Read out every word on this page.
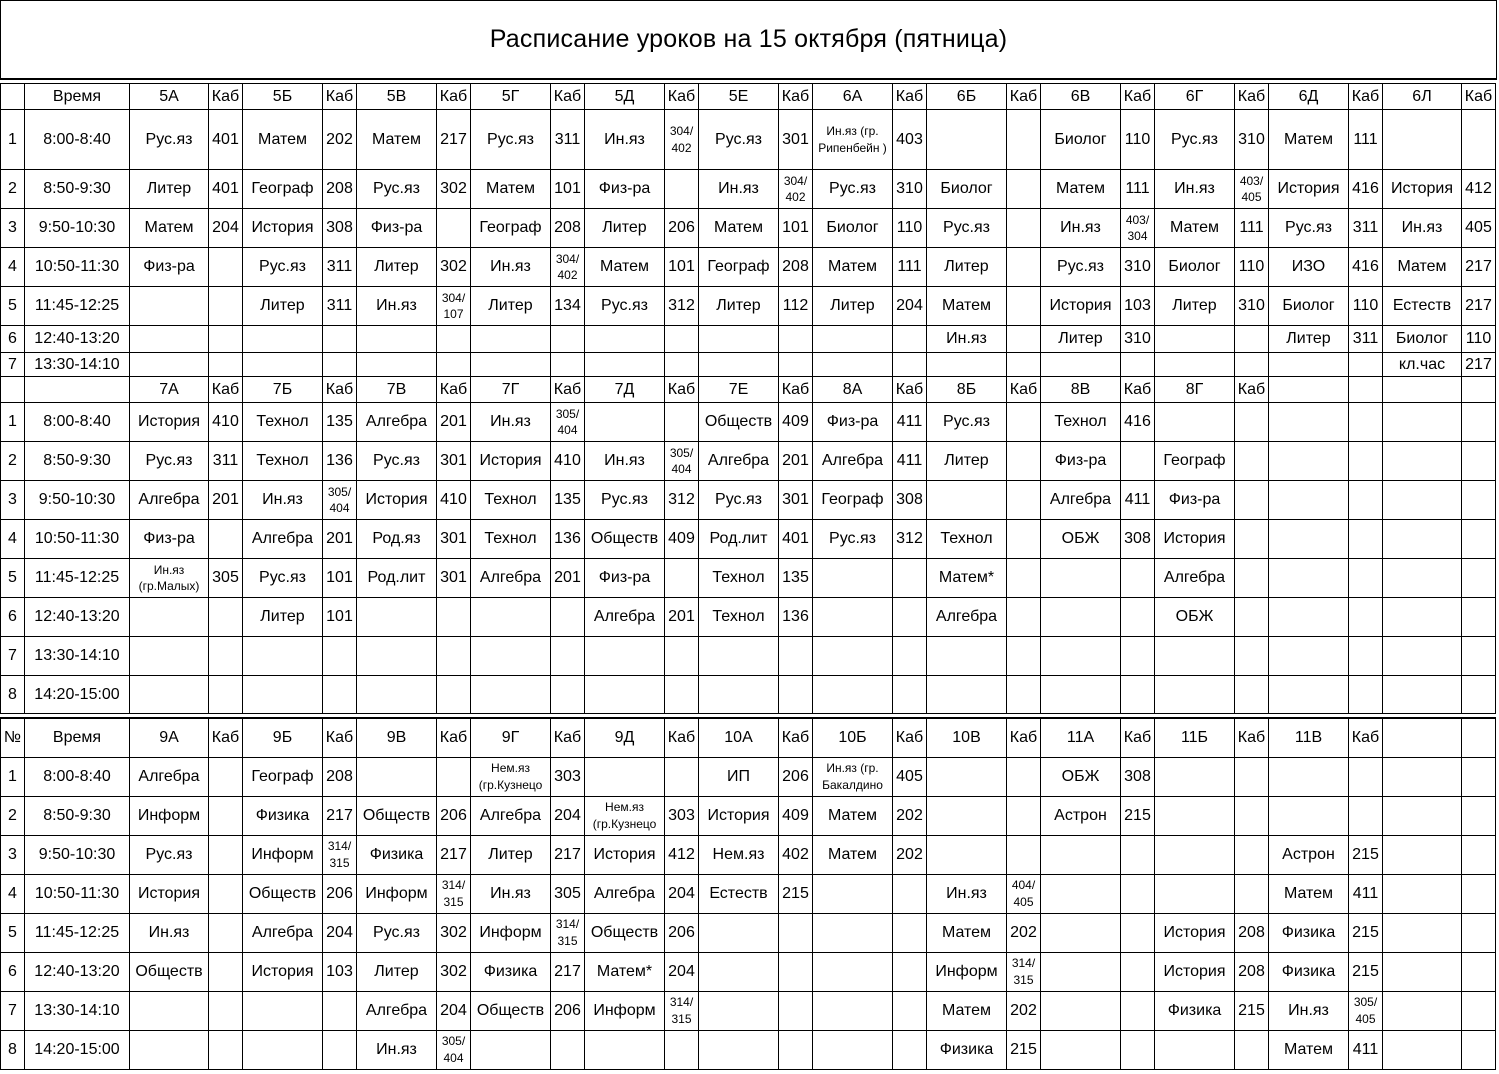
Расписание уроков на 15 октября (пятница)
	Время	5А	Каб	5Б	Каб	5В	Каб	5Г	Каб	5Д	Каб	5Е	Каб	6А	Каб	6Б	Каб	6В	Каб	6Г	Каб	6Д	Каб	6Л	Каб
1	8:00-8:40	Рус.яз	401	Матем	202	Матем	217	Рус.яз	311	Ин.яз	304/ 402	Рус.яз	301	Ин.яз (гр. Рипенбейн )	403			Биолог	110	Рус.яз	310	Матем	111		
2	8:50-9:30	Литер	401	Географ	208	Рус.яз	302	Матем	101	Физ-ра		Ин.яз	304/ 402	Рус.яз	310	Биолог		Матем	111	Ин.яз	403/ 405	История	416	История	412
3	9:50-10:30	Матем	204	История	308	Физ-ра		Географ	208	Литер	206	Матем	101	Биолог	110	Рус.яз		Ин.яз	403/ 304	Матем	111	Рус.яз	311	Ин.яз	405
4	10:50-11:30	Физ-ра		Рус.яз	311	Литер	302	Ин.яз	304/ 402	Матем	101	Географ	208	Матем	111	Литер		Рус.яз	310	Биолог	110	ИЗО	416	Матем	217
5	11:45-12:25			Литер	311	Ин.яз	304/ 107	Литер	134	Рус.яз	312	Литер	112	Литер	204	Матем		История	103	Литер	310	Биолог	110	Естеств	217
6	12:40-13:20															Ин.яз		Литер	310			Литер	311	Биолог	110
7	13:30-14:10																							кл.час	217
		7А	Каб	7Б	Каб	7В	Каб	7Г	Каб	7Д	Каб	7Е	Каб	8А	Каб	8Б	Каб	8В	Каб	8Г	Каб				
1	8:00-8:40	История	410	Технол	135	Алгебра	201	Ин.яз	305/ 404			Обществ	409	Физ-ра	411	Рус.яз		Технол	416						
2	8:50-9:30	Рус.яз	311	Технол	136	Рус.яз	301	История	410	Ин.яз	305/ 404	Алгебра	201	Алгебра	411	Литер		Физ-ра		Географ					
3	9:50-10:30	Алгебра	201	Ин.яз	305/ 404	История	410	Технол	135	Рус.яз	312	Рус.яз	301	Географ	308			Алгебра	411	Физ-ра					
4	10:50-11:30	Физ-ра		Алгебра	201	Род.яз	301	Технол	136	Обществ	409	Род.лит	401	Рус.яз	312	Технол		ОБЖ	308	История					
5	11:45-12:25	Ин.яз (гр.Малых)	305	Рус.яз	101	Род.лит	301	Алгебра	201	Физ-ра		Технол	135			Матем*				Алгебра					
6	12:40-13:20			Литер	101					Алгебра	201	Технол	136			Алгебра				ОБЖ					
7	13:30-14:10																								
8	14:20-15:00																								
№	Время	9А	Каб	9Б	Каб	9В	Каб	9Г	Каб	9Д	Каб	10А	Каб	10Б	Каб	10В	Каб	11А	Каб	11Б	Каб	11В	Каб		
1	8:00-8:40	Алгебра		Географ	208			Нем.яз (гр.Кузнецо	303			ИП	206	Ин.яз (гр. Бакалдино	405			ОБЖ	308						
2	8:50-9:30	Информ		Физика	217	Обществ	206	Алгебра	204	Нем.яз (гр.Кузнецо	303	История	409	Матем	202			Астрон	215						
3	9:50-10:30	Рус.яз		Информ	314/ 315	Физика	217	Литер	217	История	412	Нем.яз	402	Матем	202							Астрон	215		
4	10:50-11:30	История		Обществ	206	Информ	314/ 315	Ин.яз	305	Алгебра	204	Естеств	215			Ин.яз	404/ 405					Матем	411		
5	11:45-12:25	Ин.яз		Алгебра	204	Рус.яз	302	Информ	314/ 315	Обществ	206					Матем	202			История	208	Физика	215		
6	12:40-13:20	Обществ		История	103	Литер	302	Физика	217	Матем*	204					Информ	314/ 315			История	208	Физика	215		
7	13:30-14:10					Алгебра	204	Обществ	206	Информ	314/ 315					Матем	202			Физика	215	Ин.яз	305/ 405		
8	14:20-15:00					Ин.яз	305/ 404									Физика	215					Матем	411		
